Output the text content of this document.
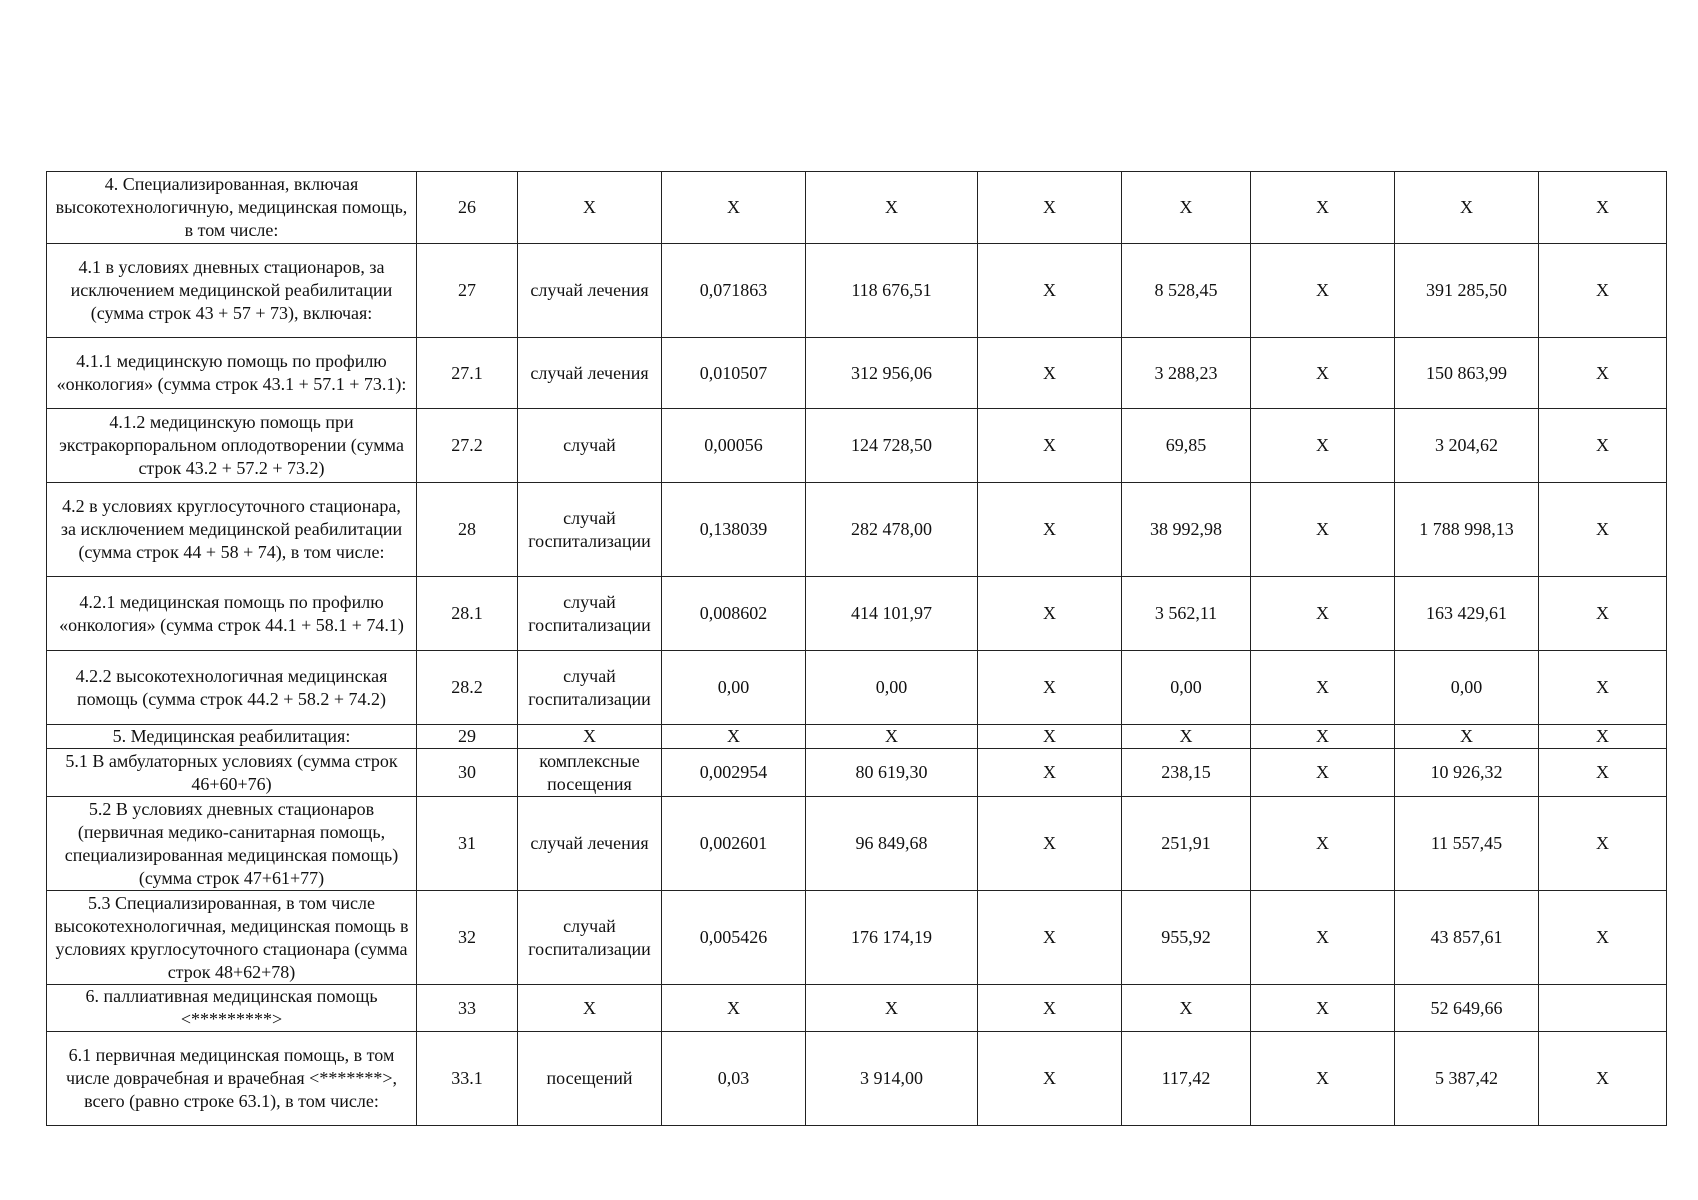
4. Специализированная, включая высокотехнологичную, медицинская помощь, в том числе:	26	Х	Х	Х	Х	Х	Х	Х	Х
4.1 в условиях дневных стационаров, за исключением медицинской реабилитации (сумма строк 43 + 57 + 73), включая:	27	случай лечения	0,071863	118 676,51	Х	8 528,45	Х	391 285,50	Х
4.1.1 медицинскую помощь по профилю «онкология» (сумма строк 43.1 + 57.1 + 73.1):	27.1	случай лечения	0,010507	312 956,06	Х	3 288,23	Х	150 863,99	Х
4.1.2 медицинскую помощь при экстракорпоральном оплодотворении (сумма строк 43.2 + 57.2 + 73.2)	27.2	случай	0,00056	124 728,50	Х	69,85	Х	3 204,62	Х
4.2 в условиях круглосуточного стационара, за исключением медицинской реабилитации (сумма строк 44 + 58 + 74), в том числе:	28	случай госпитализации	0,138039	282 478,00	Х	38 992,98	Х	1 788 998,13	Х
4.2.1 медицинская помощь по профилю «онкология» (сумма строк 44.1 + 58.1 + 74.1)	28.1	случай госпитализации	0,008602	414 101,97	Х	3 562,11	Х	163 429,61	Х
4.2.2 высокотехнологичная медицинская помощь (сумма строк 44.2 + 58.2 + 74.2)	28.2	случай госпитализации	0,00	0,00	Х	0,00	Х	0,00	Х
5. Медицинская реабилитация:	29	Х	Х	Х	Х	Х	Х	Х	Х
5.1 В амбулаторных условиях (сумма строк 46+60+76)	30	комплексные посещения	0,002954	80 619,30	Х	238,15	Х	10 926,32	Х
5.2 В условиях дневных стационаров (первичная медико-санитарная помощь, специализированная медицинская помощь) (сумма строк 47+61+77)	31	случай лечения	0,002601	96 849,68	Х	251,91	Х	11 557,45	Х
5.3 Специализированная, в том числе высокотехнологичная, медицинская помощь в условиях круглосуточного стационара (сумма строк 48+62+78)	32	случай госпитализации	0,005426	176 174,19	Х	955,92	Х	43 857,61	Х
6. паллиативная медицинская помощь <*********>	33	Х	Х	Х	Х	Х	Х	52 649,66	
6.1 первичная медицинская помощь, в том числе доврачебная и врачебная <*******>, всего (равно строке 63.1), в том числе:	33.1	посещений	0,03	3 914,00	Х	117,42	Х	5 387,42	Х
